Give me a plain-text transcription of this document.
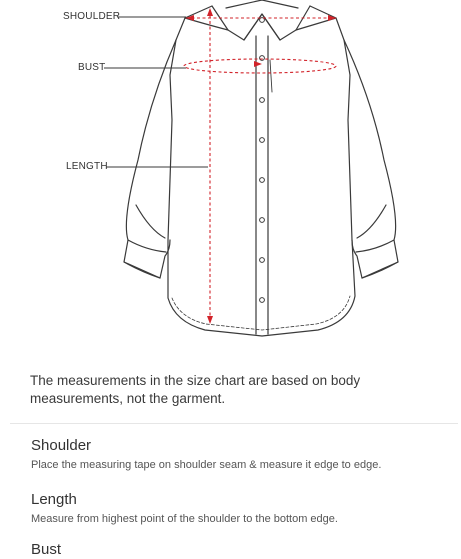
SHOULDER
BUST
LENGTH
The measurements in the size chart are based on body measurements, not the garment.
Shoulder
Place the measuring tape on shoulder seam & measure it edge to edge.
Length
Measure from highest point of the shoulder to the bottom edge.
Bust
